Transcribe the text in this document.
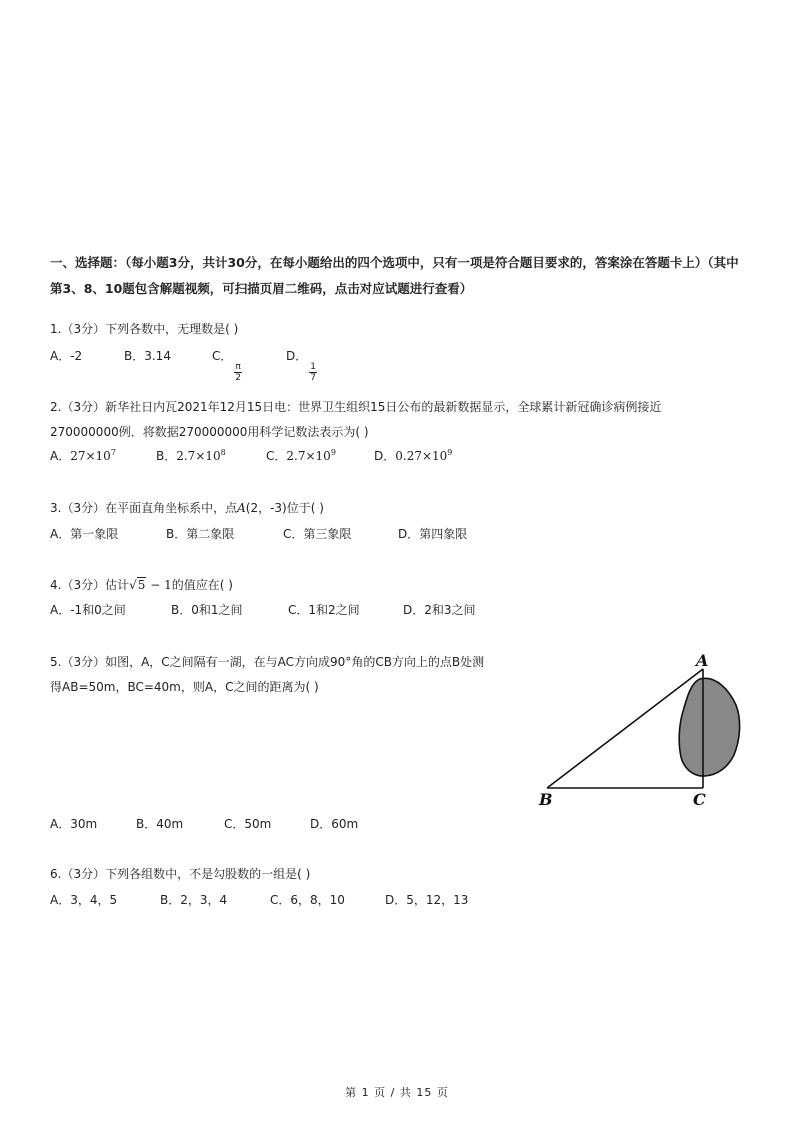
一、选择题：（每小题3分，共计30分，在每小题给出的四个选项中，只有一项是符合题目要求的，答案涂在答题卡上）（其中第3、8、10题包含解题视频，可扫描页眉二维码，点击对应试题进行查看）
1.（3分）下列各数中，无理数是( )
A．-2	B．3.14	C．
$\frac{\pi}{2}$
D．
$\frac{1}{7}$
2.（3分）新华社日内瓦2021年12月15日电：世界卫生组织15日公布的最新数据显示，全球累计新冠确诊病例接近
270000000例．将数据270000000用科学记数法表示为( )
A．$27\times 10^7$	B．$2.7\times 10^8$	C．$2.7\times 10^9$	D．$0.27\times 10^9$
3.（3分）在平面直角坐标系中，点A(2，-3)位于( )
A．第一象限	B．第二象限	C．第三象限	D．第四象限
4.（3分）估计√5 − 1的值应在( )
A．-1和0之间	B．0和1之间	C．1和2之间	D．2和3之间
5.（3分）如图，A，C之间隔有一湖，在与AC方向成90°角的CB方向上的点B处测
得AB=50m，BC=40m，则A，C之间的距离为( )
A
B	C
A．30m	B．40m	C．50m	D．60m
6.（3分）下列各组数中，不是勾股数的一组是( )
A．3，4，5	B．2，3，4	C．6，8，10	D．5，12，13
第 1 页 / 共 15 页
